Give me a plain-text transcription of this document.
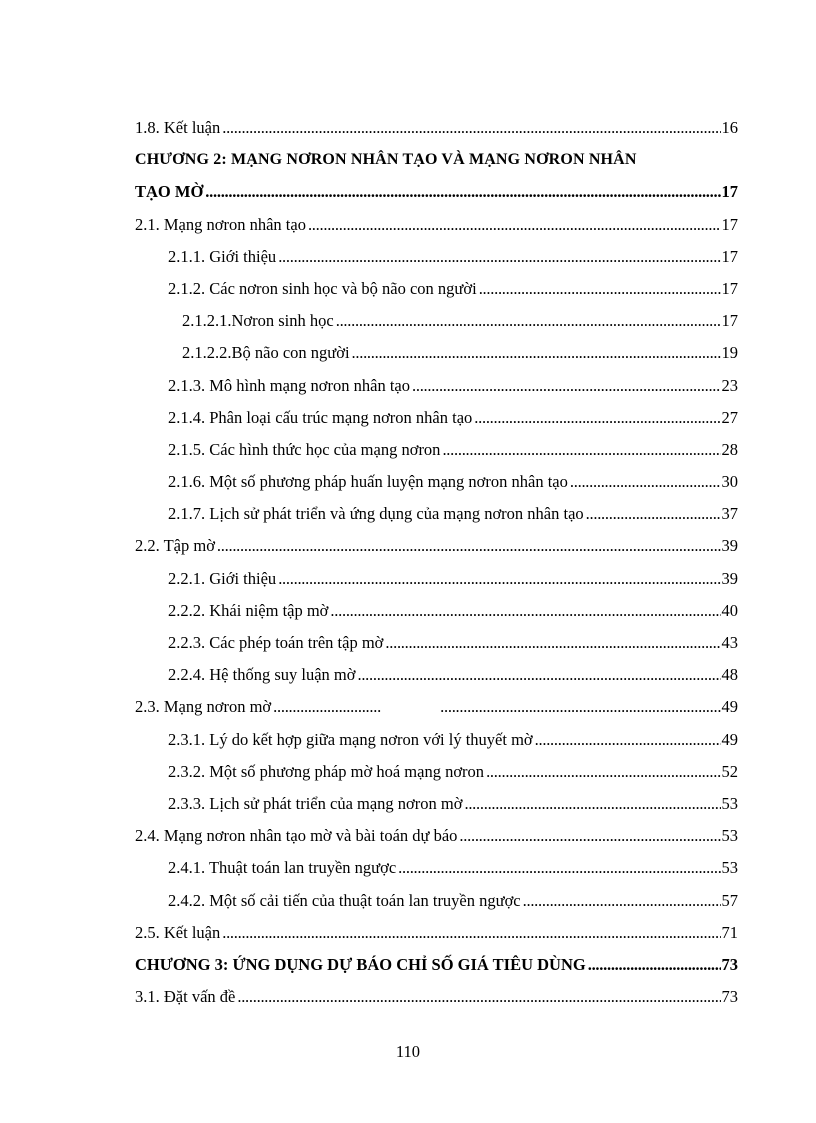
1.8. Kết luận . . .	16
CHƯƠNG 2: MẠNG NƠRON NHÂN TẠO VÀ MẠNG NƠRON NHÂN
TẠO MỜ . . .	17
2.1. Mạng nơron nhân tạo . . .	17
2.1.1. Giới thiệu . . .	17
2.1.2. Các nơron sinh học và bộ não con người . . .	17
2.1.2.1.Nơron sinh học . . .	17
2.1.2.2.Bộ não con người . . .	19
2.1.3. Mô hình mạng nơron nhân tạo . . .	23
2.1.4. Phân loại cấu trúc mạng nơron nhân tạo . . .	27
2.1.5. Các hình thức học của mạng nơron . . .	28
2.1.6. Một số phương pháp huấn luyện mạng nơron nhân tạo . . .	30
2.1.7. Lịch sử phát triển và ứng dụng của mạng nơron nhân tạo . . .	37
2.2. Tập mờ . . .	39
2.2.1. Giới thiệu . . .	39
2.2.2. Khái niệm tập mờ . . .	40
2.2.3. Các phép toán trên tập mờ . . .	43
2.2.4. Hệ thống suy luận mờ . . .	48
2.3. Mạng nơron mờ . . . . . .	49
2.3.1. Lý do kết hợp giữa mạng nơron với lý thuyết mờ . . .	49
2.3.2. Một số phương pháp mờ hoá mạng nơron . . .	52
2.3.3. Lịch sử phát triển của mạng nơron mờ . . .	53
2.4. Mạng nơron nhân tạo mờ và bài toán dự báo . . .	53
2.4.1. Thuật toán lan truyền ngược . . .	53
2.4.2. Một số cải tiến của thuật toán lan truyền ngược . . .	57
2.5. Kết luận . . .	71
CHƯƠNG 3: ỨNG DỤNG DỰ BÁO CHỈ SỐ GIÁ TIÊU DÙNG . . .	73
3.1. Đặt vấn đề . . .	73
110
